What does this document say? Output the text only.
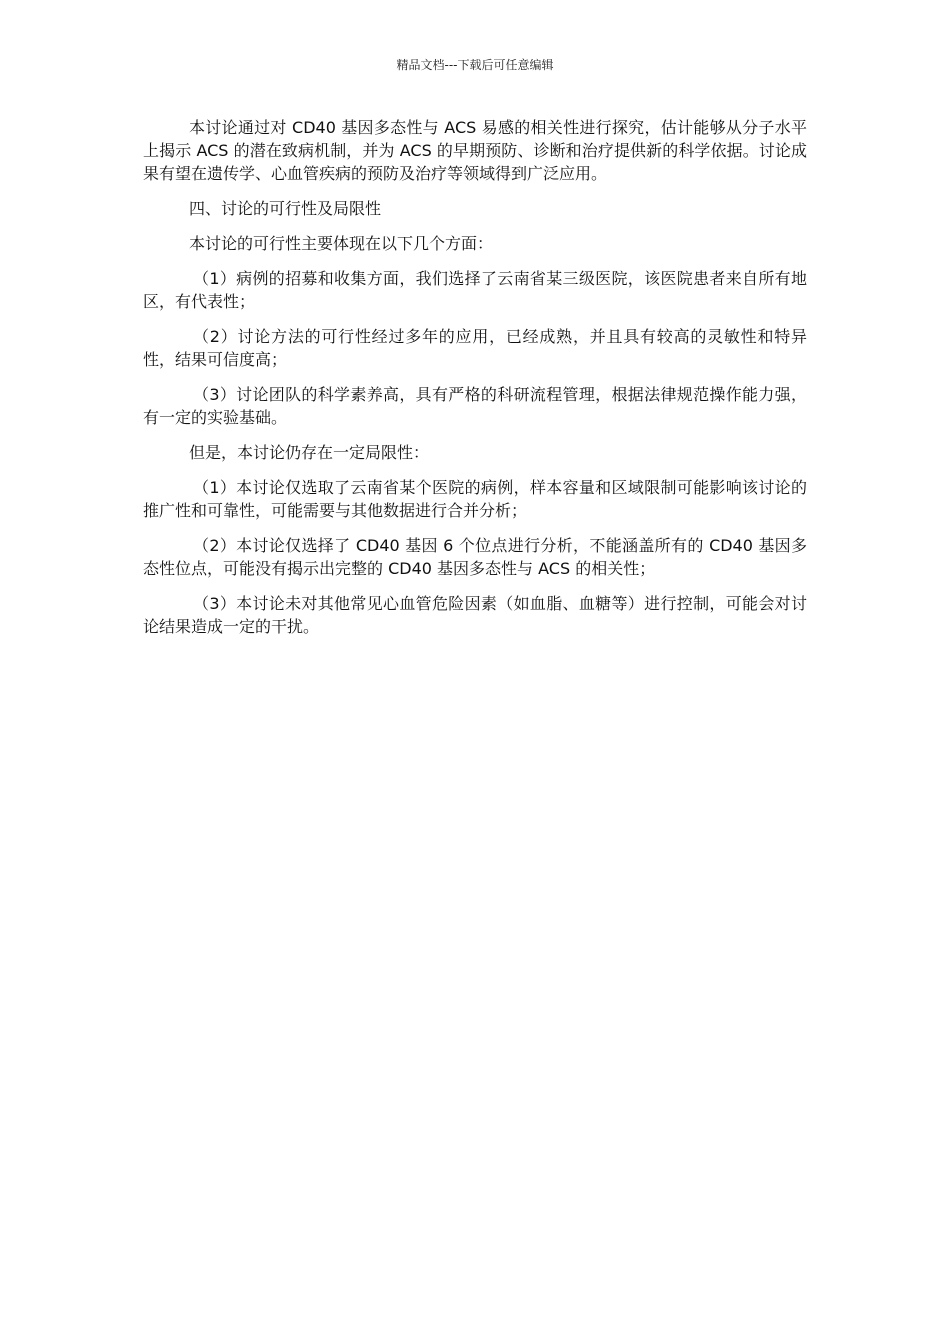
精品文档---下载后可任意编辑

本讨论通过对 CD40 基因多态性与 ACS 易感的相关性进行探究，估计能够从分子水平上揭示 ACS 的潜在致病机制，并为 ACS 的早期预防、诊断和治疗提供新的科学依据。讨论成果有望在遗传学、心血管疾病的预防及治疗等领域得到广泛应用。

四、讨论的可行性及局限性

本讨论的可行性主要体现在以下几个方面：

（1）病例的招募和收集方面，我们选择了云南省某三级医院，该医院患者来自所有地区，有代表性；

（2）讨论方法的可行性经过多年的应用，已经成熟，并且具有较高的灵敏性和特异性，结果可信度高；

（3）讨论团队的科学素养高，具有严格的科研流程管理，根据法律规范操作能力强，有一定的实验基础。

但是，本讨论仍存在一定局限性：

（1）本讨论仅选取了云南省某个医院的病例，样本容量和区域限制可能影响该讨论的推广性和可靠性，可能需要与其他数据进行合并分析；

（2）本讨论仅选择了 CD40 基因 6 个位点进行分析，不能涵盖所有的 CD40 基因多态性位点，可能没有揭示出完整的 CD40 基因多态性与 ACS 的相关性；

（3）本讨论未对其他常见心血管危险因素（如血脂、血糖等）进行控制，可能会对讨论结果造成一定的干扰。
